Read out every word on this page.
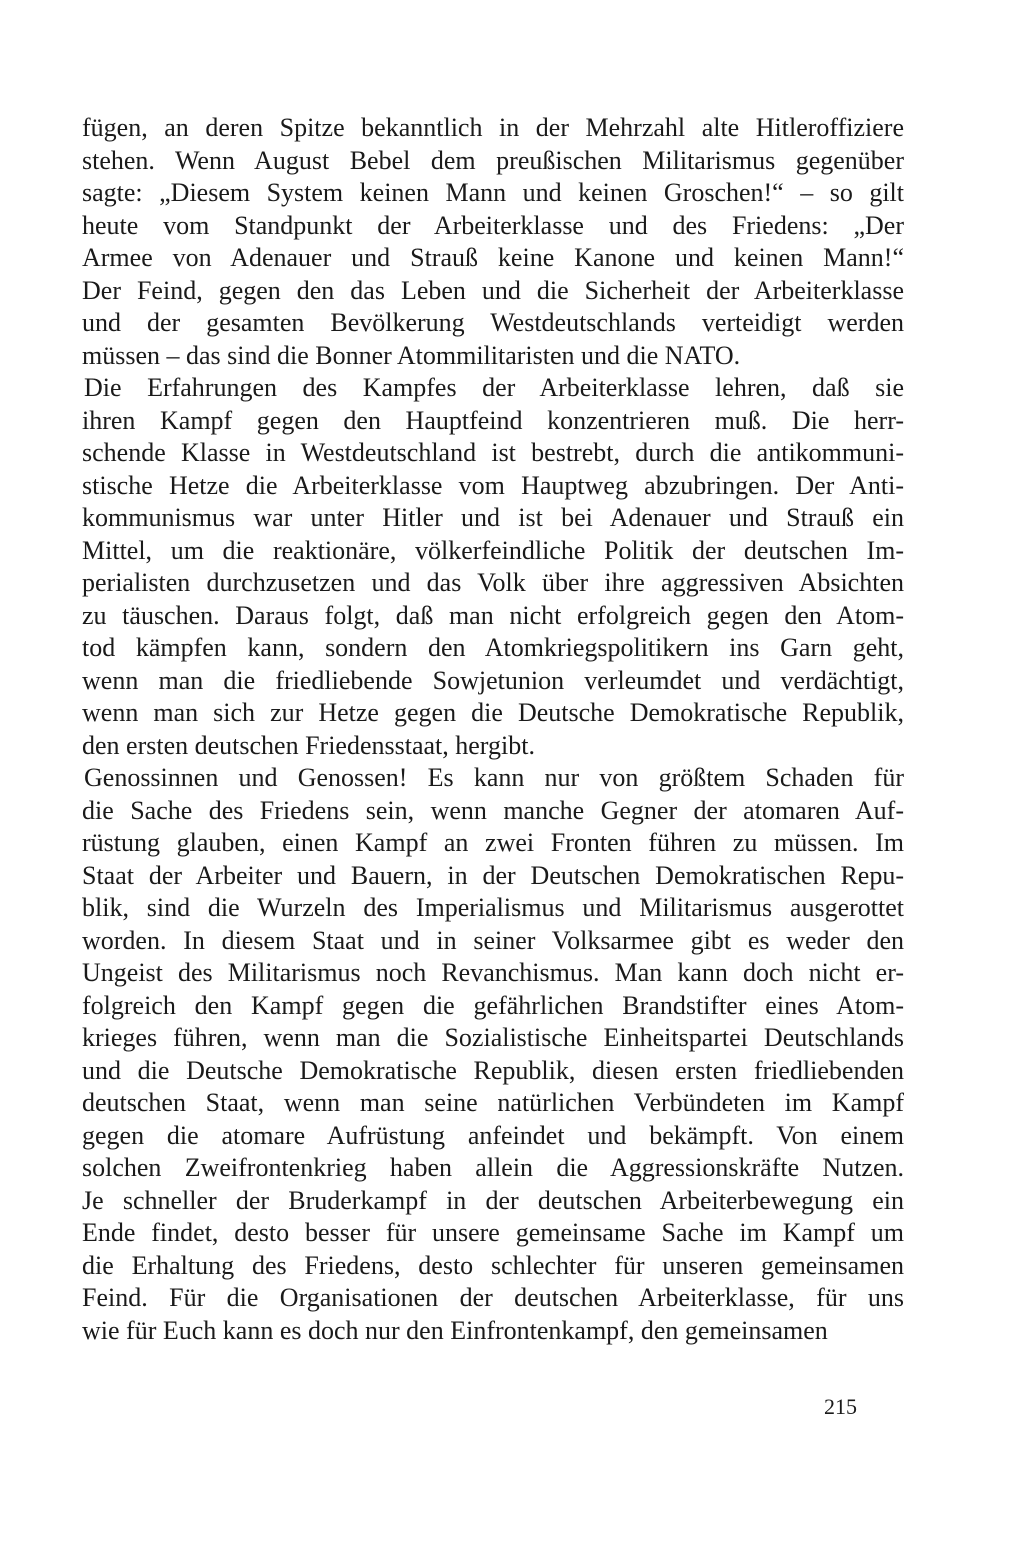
fügen, an deren Spitze bekanntlich in der Mehrzahl alte Hitleroffiziere
stehen. Wenn August Bebel dem preußischen Militarismus gegenüber
sagte: „Diesem System keinen Mann und keinen Groschen!“ – so gilt
heute vom Standpunkt der Arbeiterklasse und des Friedens: „Der
Armee von Adenauer und Strauß keine Kanone und keinen Mann!“
Der Feind, gegen den das Leben und die Sicherheit der Arbeiterklasse
und der gesamten Bevölkerung Westdeutschlands verteidigt werden
müssen – das sind die Bonner Atommilitaristen und die NATO.
Die Erfahrungen des Kampfes der Arbeiterklasse lehren, daß sie
ihren Kampf gegen den Hauptfeind konzentrieren muß. Die herr-
schende Klasse in Westdeutschland ist bestrebt, durch die antikommuni-
stische Hetze die Arbeiterklasse vom Hauptweg abzubringen. Der Anti-
kommunismus war unter Hitler und ist bei Adenauer und Strauß ein
Mittel, um die reaktionäre, völkerfeindliche Politik der deutschen Im-
perialisten durchzusetzen und das Volk über ihre aggressiven Absichten
zu täuschen. Daraus folgt, daß man nicht erfolgreich gegen den Atom-
tod kämpfen kann, sondern den Atomkriegspolitikern ins Garn geht,
wenn man die friedliebende Sowjetunion verleumdet und verdächtigt,
wenn man sich zur Hetze gegen die Deutsche Demokratische Republik,
den ersten deutschen Friedensstaat, hergibt.
Genossinnen und Genossen! Es kann nur von größtem Schaden für
die Sache des Friedens sein, wenn manche Gegner der atomaren Auf-
rüstung glauben, einen Kampf an zwei Fronten führen zu müssen. Im
Staat der Arbeiter und Bauern, in der Deutschen Demokratischen Repu-
blik, sind die Wurzeln des Imperialismus und Militarismus ausgerottet
worden. In diesem Staat und in seiner Volksarmee gibt es weder den
Ungeist des Militarismus noch Revanchismus. Man kann doch nicht er-
folgreich den Kampf gegen die gefährlichen Brandstifter eines Atom-
krieges führen, wenn man die Sozialistische Einheitspartei Deutschlands
und die Deutsche Demokratische Republik, diesen ersten friedliebenden
deutschen Staat, wenn man seine natürlichen Verbündeten im Kampf
gegen die atomare Aufrüstung anfeindet und bekämpft. Von einem
solchen Zweifrontenkrieg haben allein die Aggressionskräfte Nutzen.
Je schneller der Bruderkampf in der deutschen Arbeiterbewegung ein
Ende findet, desto besser für unsere gemeinsame Sache im Kampf um
die Erhaltung des Friedens, desto schlechter für unseren gemeinsamen
Feind. Für die Organisationen der deutschen Arbeiterklasse, für uns
wie für Euch kann es doch nur den Einfrontenkampf, den gemeinsamen
215
